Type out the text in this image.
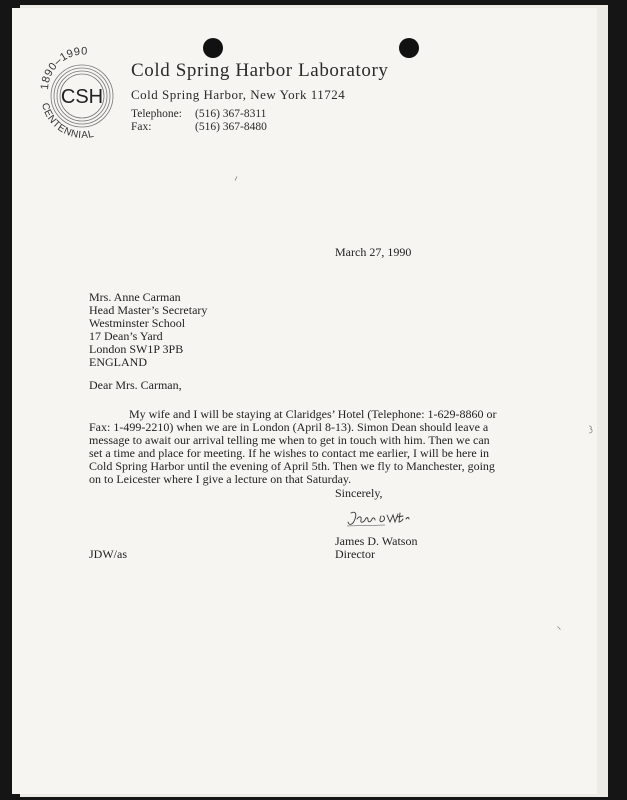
1890–1990
CSH
CENTENNIAL
Cold Spring Harbor Laboratory
Cold Spring Harbor, New York 11724
Telephone:	(516) 367-8311
Fax:	(516) 367-8480
March 27, 1990
Mrs. Anne Carman
Head Master’s Secretary
Westminster School
17 Dean’s Yard
London SW1P 3PB
ENGLAND
Dear Mrs. Carman,
My wife and I will be staying at Claridges’ Hotel (Telephone: 1-629-8860 or
Fax: 1-499-2210) when we are in London (April 8-13). Simon Dean should leave a
message to await our arrival telling me when to get in touch with him. Then we can
set a time and place for meeting. If he wishes to contact me earlier, I will be here in
Cold Spring Harbor until the evening of April 5th. Then we fly to Manchester, going
on to Leicester where I give a lecture on that Saturday.
Sincerely,
James D. Watson
Director
JDW/as
